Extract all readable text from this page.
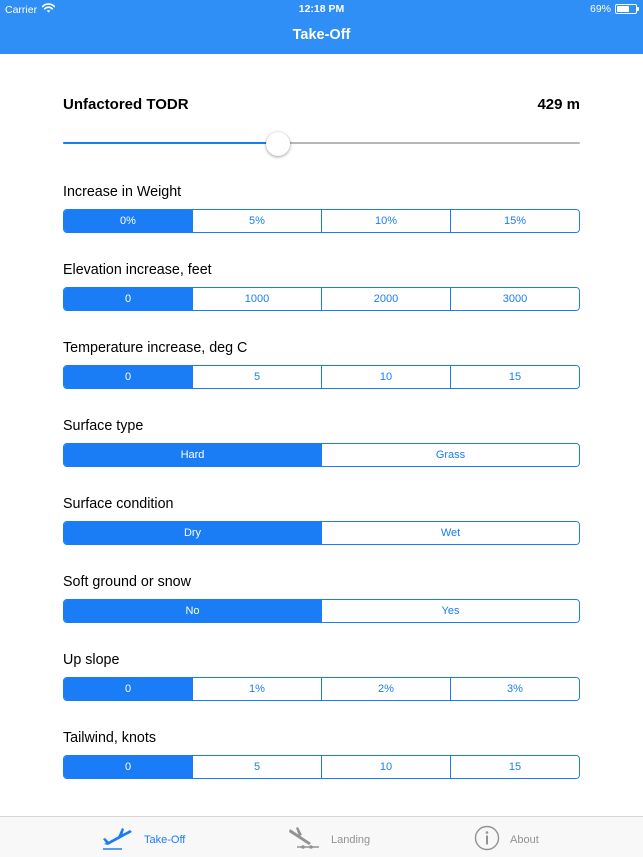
Carrier	12:18 PM	69%
Take-Off
Unfactored TODR	429 m
Increase in Weight
0%	5%	10%	15%
Elevation increase, feet
0	1000	2000	3000
Temperature increase, deg C
0	5	10	15
Surface type
Hard	Grass
Surface condition
Dry	Wet
Soft ground or snow
No	Yes
Up slope
0	1%	2%	3%
Tailwind, knots
0	5	10	15
Take-Off	Landing	About
